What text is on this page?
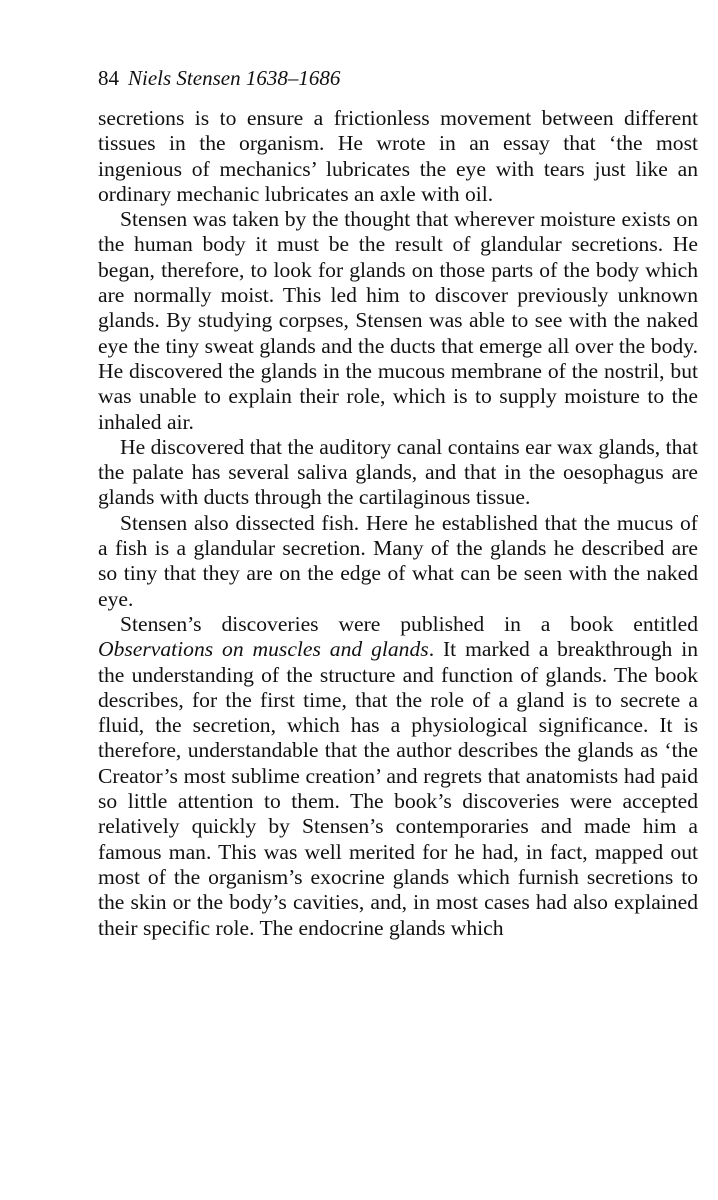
84 Niels Stensen 1638–1686

secretions is to ensure a frictionless movement between different tissues in the organism. He wrote in an essay that ‘the most ingenious of mechanics’ lubricates the eye with tears just like an ordinary mechanic lubricates an axle with oil.

Stensen was taken by the thought that wherever moisture exists on the human body it must be the result of glandular secretions. He began, therefore, to look for glands on those parts of the body which are normally moist. This led him to discover previously unknown glands. By studying corpses, Stensen was able to see with the naked eye the tiny sweat glands and the ducts that emerge all over the body. He discovered the glands in the mucous membrane of the nostril, but was unable to explain their role, which is to supply moisture to the inhaled air.

He discovered that the auditory canal contains ear wax glands, that the palate has several saliva glands, and that in the oesophagus are glands with ducts through the cartilaginous tissue.

Stensen also dissected fish. Here he established that the mucus of a fish is a glandular secretion. Many of the glands he described are so tiny that they are on the edge of what can be seen with the naked eye.

Stensen’s discoveries were published in a book entitled Observations on muscles and glands. It marked a breakthrough in the understanding of the structure and function of glands. The book describes, for the first time, that the role of a gland is to secrete a fluid, the secretion, which has a physiological significance. It is therefore, understandable that the author describes the glands as ‘the Creator’s most sublime creation’ and regrets that anatomists had paid so little attention to them. The book’s discoveries were accepted relatively quickly by Stensen’s contemporaries and made him a famous man. This was well merited for he had, in fact, mapped out most of the organism’s exocrine glands which furnish secretions to the skin or the body’s cavities, and, in most cases had also explained their specific role. The endocrine glands which
